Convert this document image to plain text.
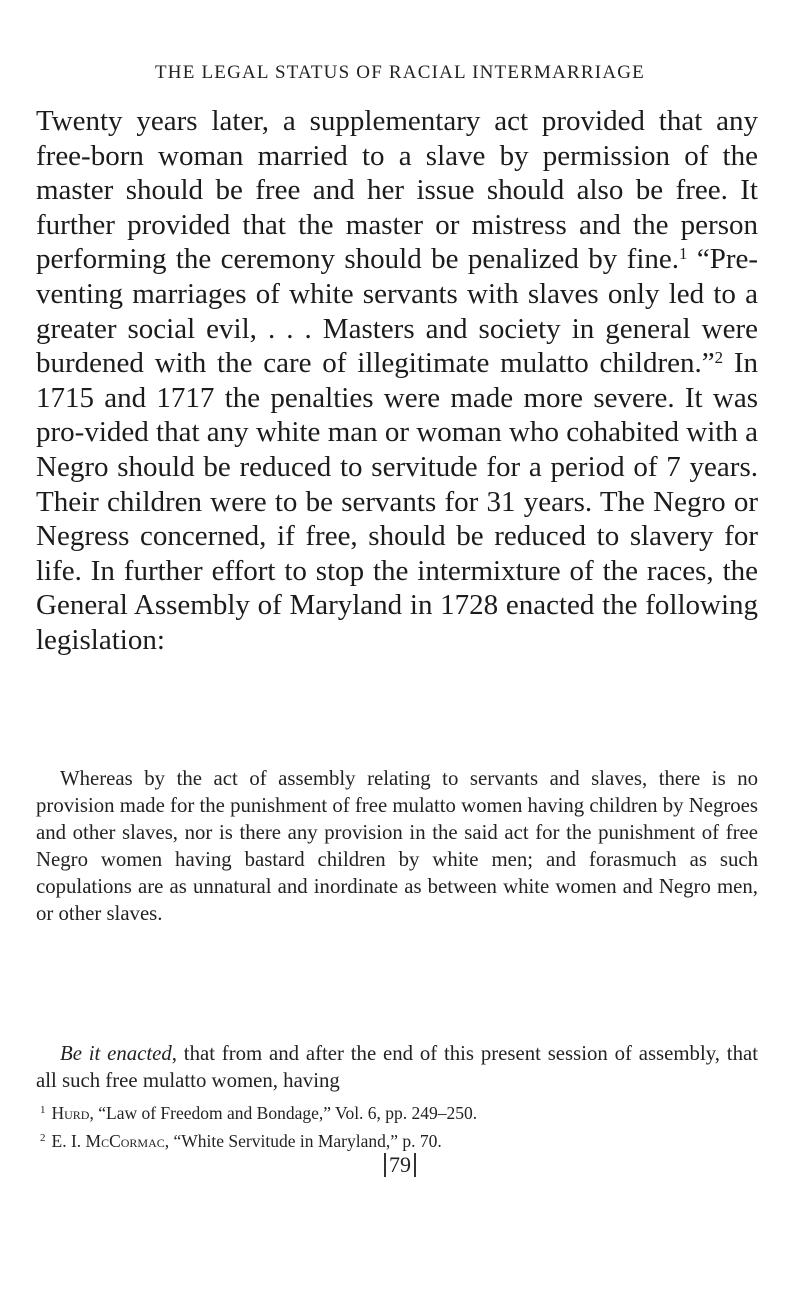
THE LEGAL STATUS OF RACIAL INTERMARRIAGE

Twenty years later, a supplementary act provided that any free-born woman married to a slave by permission of the master should be free and her issue should also be free. It further provided that the master or mistress and the person performing the ceremony should be penalized by fine.$^1$ “Pre-venting marriages of white servants with slaves only led to a greater social evil, . . . Masters and society in general were burdened with the care of illegitimate mulatto children.”$^2$ In 1715 and 1717 the penalties were made more severe. It was pro-vided that any white man or woman who cohabited with a Negro should be reduced to servitude for a period of 7 years. Their children were to be servants for 31 years. The Negro or Negress concerned, if free, should be reduced to slavery for life. In further effort to stop the intermixture of the races, the General Assembly of Maryland in 1728 enacted the following legislation:

Whereas by the act of assembly relating to servants and slaves, there is no provision made for the punishment of free mulatto women having children by Negroes and other slaves, nor is there any provision in the said act for the punishment of free Negro women having bastard children by white men; and forasmuch as such copulations are as unnatural and inordinate as between white women and Negro men, or other slaves.

Be it enacted, that from and after the end of this present session of assembly, that all such free mulatto women, having

$^1$ Hurd, “Law of Freedom and Bondage,” Vol. 6, pp. 249–250.
$^2$ E. I. McCormac, “White Servitude in Maryland,” p. 70.
79
